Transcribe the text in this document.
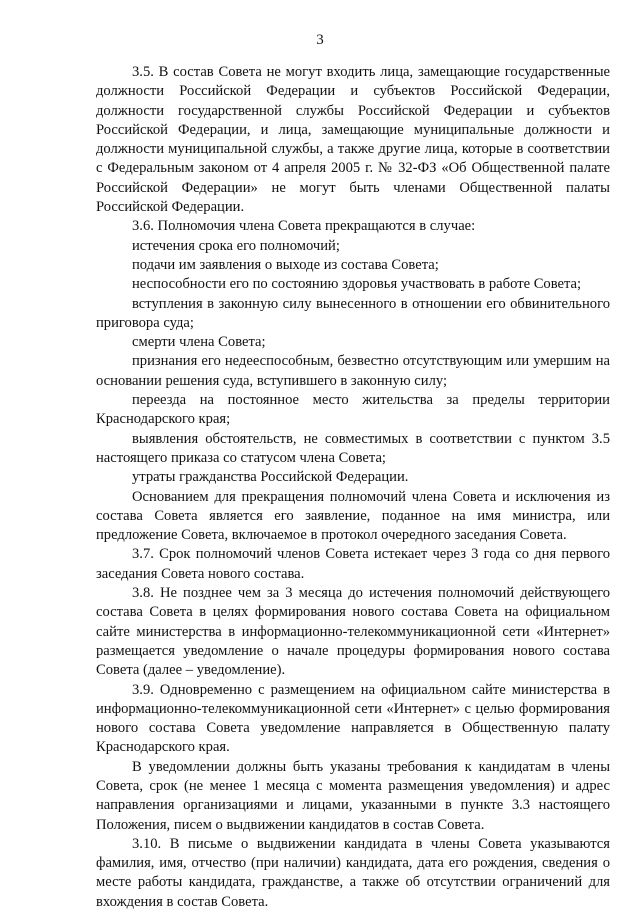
3

3.5. В состав Совета не могут входить лица, замещающие государственные должности Российской Федерации и субъектов Российской Федерации, должности государственной службы Российской Федерации и субъектов Российской Федерации, и лица, замещающие муниципальные должности и должности муниципальной службы, а также другие лица, которые в соответствии с Федеральным законом от 4 апреля 2005 г. № 32-ФЗ «Об Общественной палате Российской Федерации» не могут быть членами Общественной палаты Российской Федерации.

3.6. Полномочия члена Совета прекращаются в случае:

истечения срока его полномочий;

подачи им заявления о выходе из состава Совета;

неспособности его по состоянию здоровья участвовать в работе Совета;

вступления в законную силу вынесенного в отношении его обвинительного приговора суда;

смерти члена Совета;

признания его недееспособным, безвестно отсутствующим или умершим на основании решения суда, вступившего в законную силу;

переезда на постоянное место жительства за пределы территории Краснодарского края;

выявления обстоятельств, не совместимых в соответствии с пунктом 3.5 настоящего приказа со статусом члена Совета;

утраты гражданства Российской Федерации.

Основанием для прекращения полномочий члена Совета и исключения из состава Совета является его заявление, поданное на имя министра, или предложение Совета, включаемое в протокол очередного заседания Совета.

3.7. Срок полномочий членов Совета истекает через 3 года со дня первого заседания Совета нового состава.

3.8. Не позднее чем за 3 месяца до истечения полномочий действующего состава Совета в целях формирования нового состава Совета на официальном сайте министерства в информационно-телекоммуникационной сети «Интернет» размещается уведомление о начале процедуры формирования нового состава Совета (далее – уведомление).

3.9. Одновременно с размещением на официальном сайте министерства в информационно-телекоммуникационной сети «Интернет» с целью формирования нового состава Совета уведомление направляется в Общественную палату Краснодарского края.

В уведомлении должны быть указаны требования к кандидатам в члены Совета, срок (не менее 1 месяца с момента размещения уведомления) и адрес направления организациями и лицами, указанными в пункте 3.3 настоящего Положения, писем о выдвижении кандидатов в состав Совета.

3.10. В письме о выдвижении кандидата в члены Совета указываются фамилия, имя, отчество (при наличии) кандидата, дата его рождения, сведения о месте работы кандидата, гражданстве, а также об отсутствии ограничений для вхождения в состав Совета.
